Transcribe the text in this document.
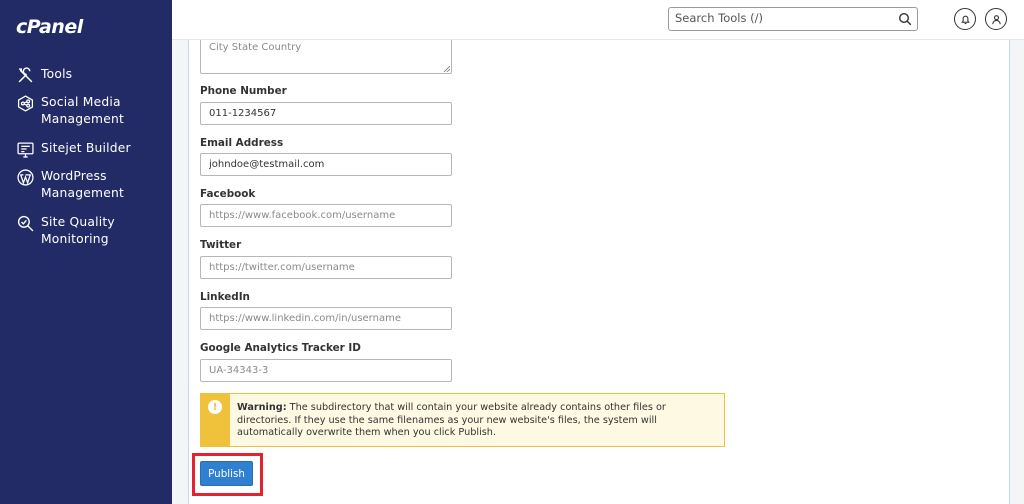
cPanel
Tools
Social Media Management
Sitejet Builder
WordPress Management
Site Quality Monitoring
Search Tools (/)
City State Country
Phone Number
011-1234567
Email Address
johndoe@testmail.com
Facebook
https://www.facebook.com/username
Twitter
https://twitter.com/username
LinkedIn
https://www.linkedin.com/in/username
Google Analytics Tracker ID
UA-34343-3
!	Warning: The subdirectory that will contain your website already contains other files or directories. If they use the same filenames as your new website's files, the system will automatically overwrite them when you click Publish.
Publish
